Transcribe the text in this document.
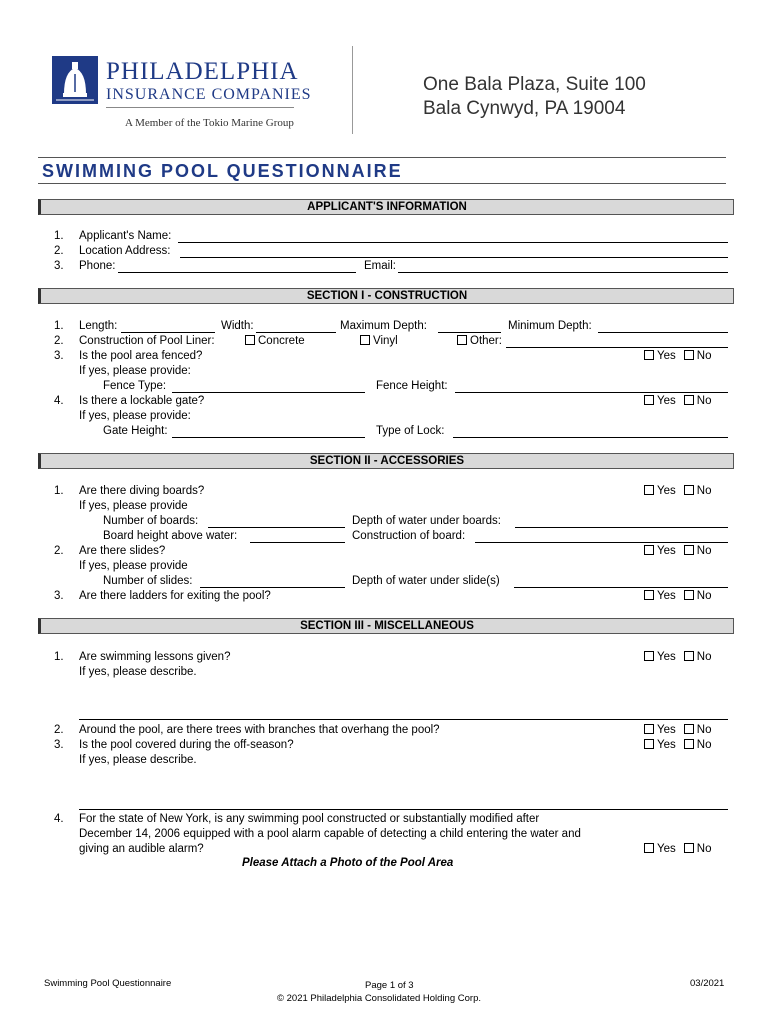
PHILADELPHIA
INSURANCE COMPANIES
A Member of the Tokio Marine Group
One Bala Plaza, Suite 100
Bala Cynwyd, PA 19004
SWIMMING POOL QUESTIONNAIRE
APPLICANT'S INFORMATION
1. Applicant's Name:
2. Location Address:
3. Phone:	Email:
SECTION I - CONSTRUCTION
1. Length:	Width:	Maximum Depth:	Minimum Depth:
2. Construction of Pool Liner:	Concrete	Vinyl	Other:
3. Is the pool area fenced?	Yes No
If yes, please provide:
Fence Type:	Fence Height:
4. Is there a lockable gate?	Yes No
If yes, please provide:
Gate Height:	Type of Lock:
SECTION II - ACCESSORIES
1. Are there diving boards?	Yes No
If yes, please provide
Number of boards:	Depth of water under boards:
Board height above water:	Construction of board:
2. Are there slides?	Yes No
If yes, please provide
Number of slides:	Depth of water under slide(s)
3. Are there ladders for exiting the pool?	Yes No
SECTION III - MISCELLANEOUS
1. Are swimming lessons given?	Yes No
If yes, please describe.
2. Around the pool, are there trees with branches that overhang the pool?	Yes No
3. Is the pool covered during the off-season?	Yes No
If yes, please describe.
4. For the state of New York, is any swimming pool constructed or substantially modified after
December 14, 2006 equipped with a pool alarm capable of detecting a child entering the water and
giving an audible alarm?	Yes No
Please Attach a Photo of the Pool Area
Swimming Pool Questionnaire	Page 1 of 3
© 2021 Philadelphia Consolidated Holding Corp.
03/2021
